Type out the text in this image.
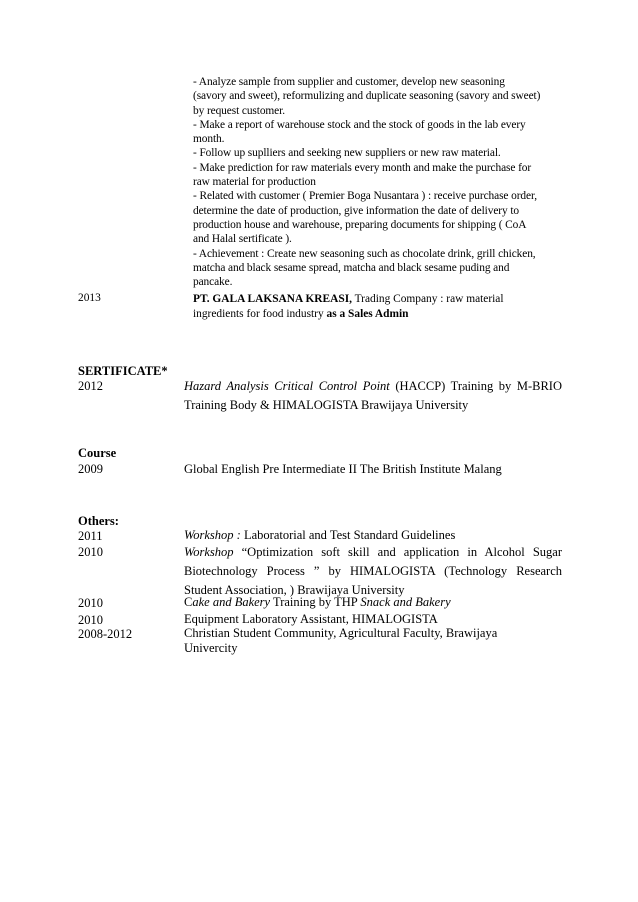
- Analyze sample from supplier and customer, develop new seasoning
(savory and sweet), reformulizing and duplicate seasoning (savory and sweet)
by request customer.
- Make a report of warehouse stock and the stock of goods in the lab every
month.
- Follow up suplliers and seeking new suppliers or new raw material.
- Make prediction for raw materials every month and make the purchase for
raw material for production
- Related with customer ( Premier Boga Nusantara ) : receive purchase order,
determine the date of production, give information the date of delivery to
production house and warehouse, preparing documents for shipping ( CoA
and Halal sertificate ).
- Achievement : Create new seasoning such as chocolate drink, grill chicken,
matcha and black sesame spread, matcha and black sesame puding and
pancake.
2013	PT. GALA LAKSANA KREASI, Trading Company : raw material
ingredients for food industry as a Sales Admin
SERTIFICATE*
2012	Hazard Analysis Critical Control Point (HACCP) Training by M-BRIO
Training Body & HIMALOGISTA Brawijaya University
Course
2009	Global English Pre Intermediate II The British Institute Malang
Others:
2011	Workshop : Laboratorial and Test Standard Guidelines
2010	Workshop “Optimization soft skill and application in Alcohol Sugar
Biotechnology Process ” by HIMALOGISTA (Technology Research
Student Association, ) Brawijaya University
2010	Cake and Bakery Training by THP Snack and Bakery
2010	Equipment Laboratory Assistant, HIMALOGISTA
2008-2012	Christian Student Community, Agricultural Faculty, Brawijaya
Univercity
